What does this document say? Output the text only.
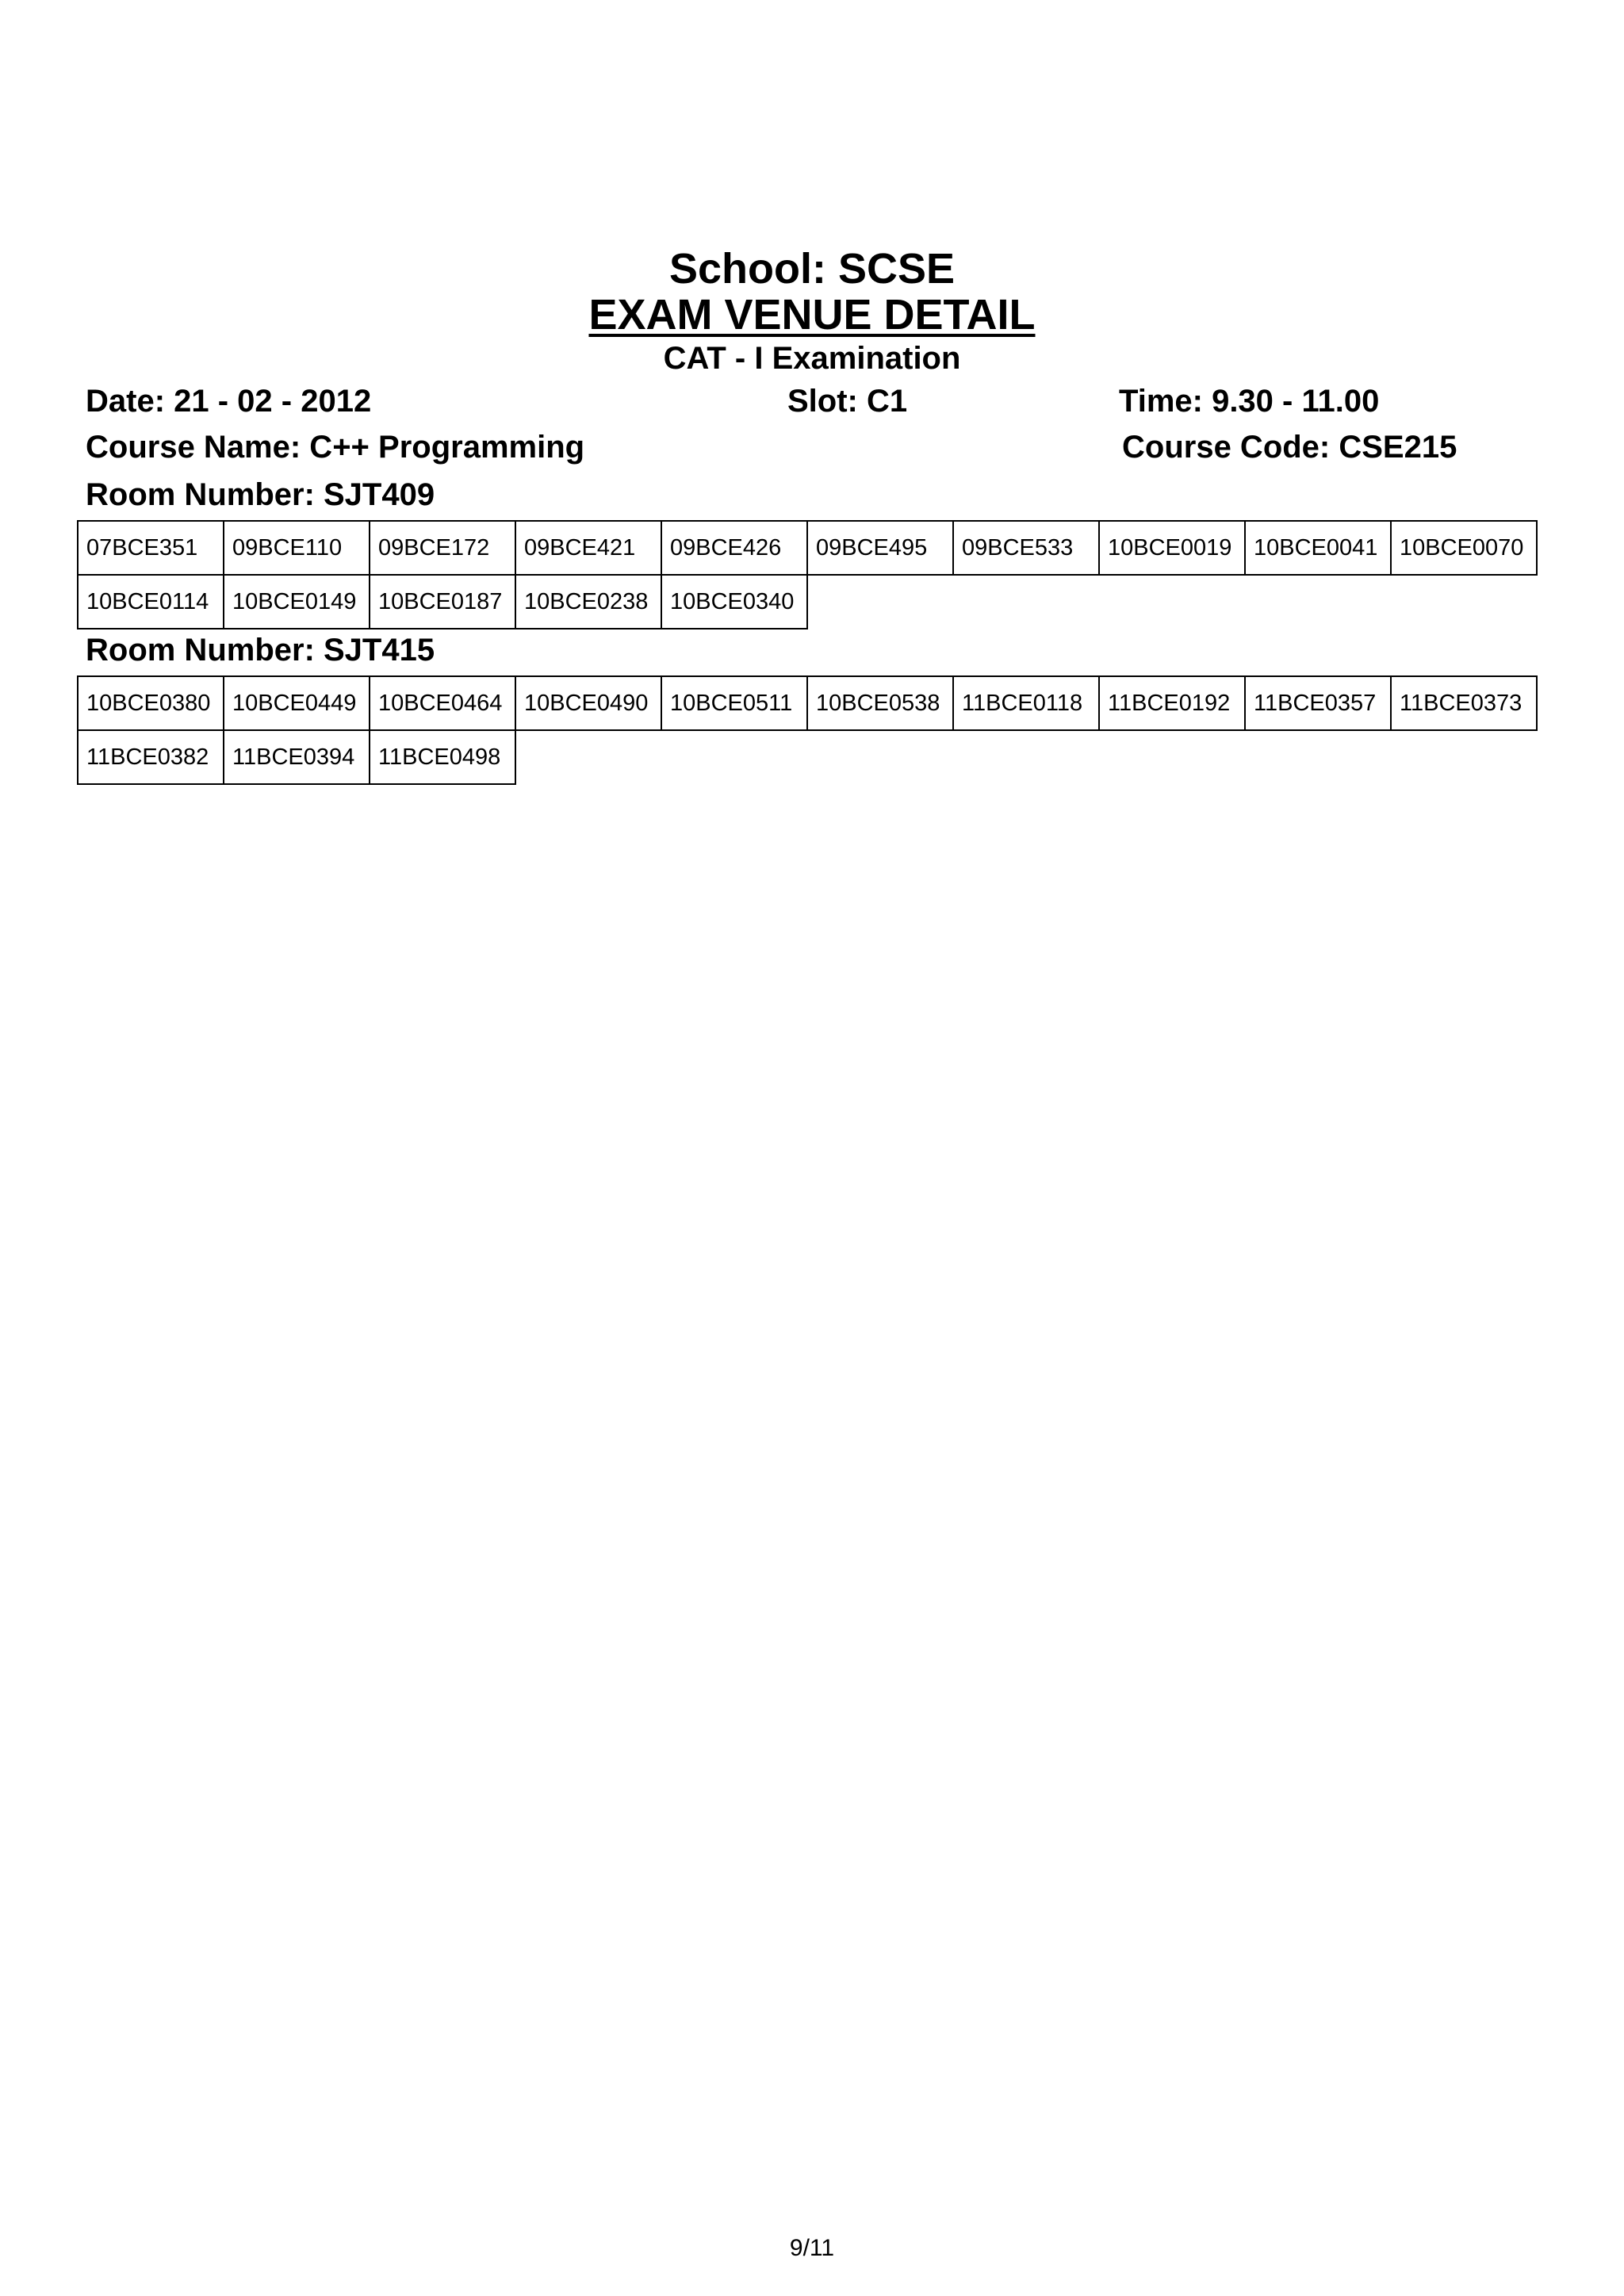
School: SCSE
EXAM VENUE DETAIL
CAT - I Examination
Date: 21 - 02 - 2012	Slot: C1	Time: 9.30 - 11.00
Course Name: C++ Programming	Course Code: CSE215
Room Number: SJT409
07BCE351	09BCE110	09BCE172	09BCE421	09BCE426	09BCE495	09BCE533	10BCE0019	10BCE0041	10BCE0070
10BCE0114	10BCE0149	10BCE0187	10BCE0238	10BCE0340					
Room Number: SJT415
10BCE0380	10BCE0449	10BCE0464	10BCE0490	10BCE0511	10BCE0538	11BCE0118	11BCE0192	11BCE0357	11BCE0373
11BCE0382	11BCE0394	11BCE0498							
9/11
